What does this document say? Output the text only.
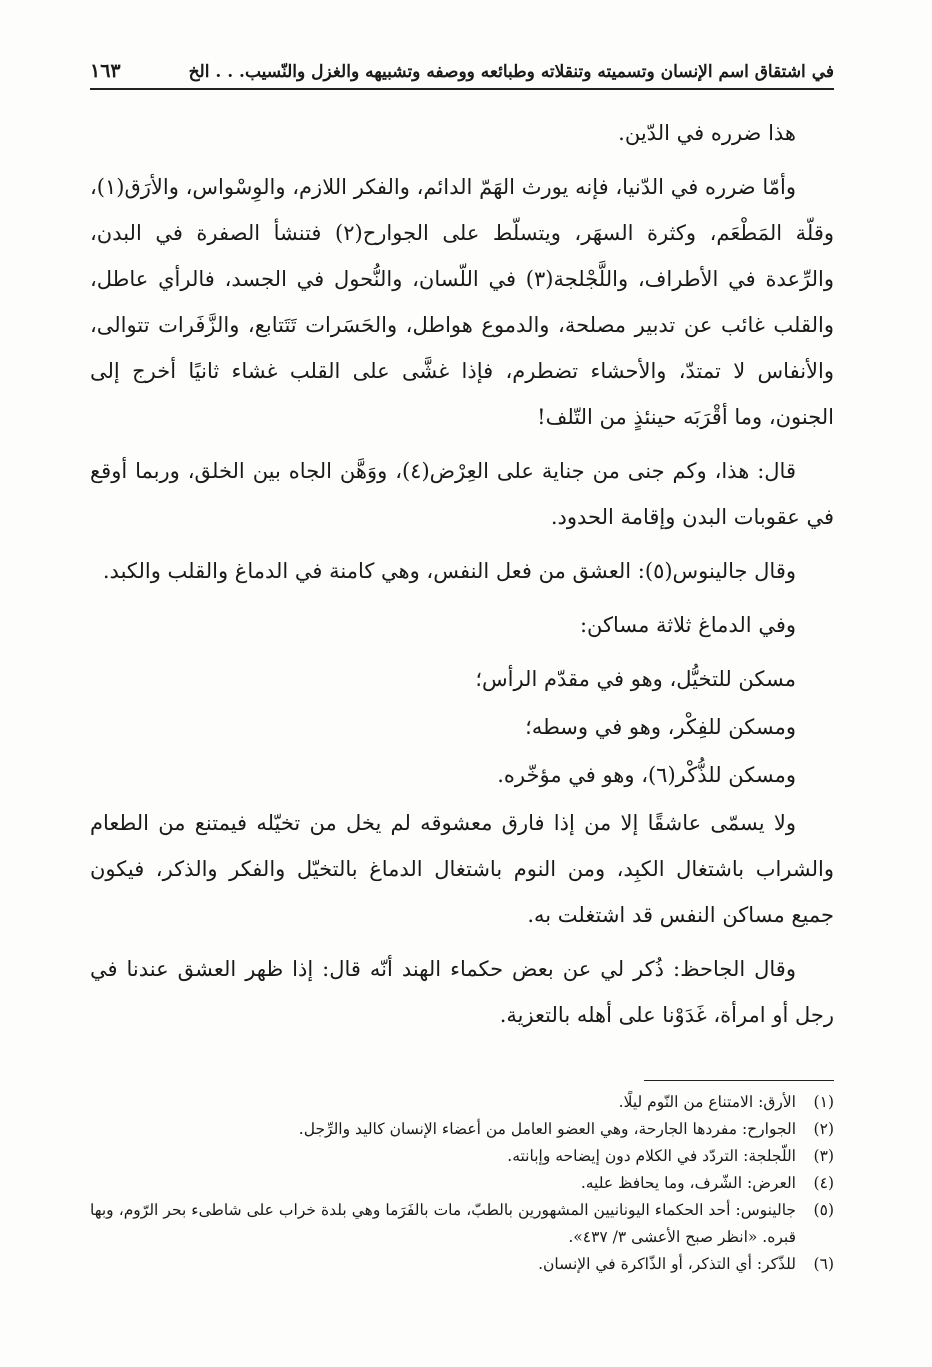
في اشتقاق اسم الإنسان وتسميته وتنقلاته وطبائعه ووصفه وتشبيهه والغزل والنّسيب. . . الخ
١٦٣

هذا ضرره في الدّين.

وأمّا ضرره في الدّنيا، فإنه يورث الهَمّ الدائم، والفكر اللازم، والوِسْواس، والأرَق(١)، وقلّة المَطْعَم، وكثرة السهَر، ويتسلّط على الجوارح(٢) فتنشأ الصفرة في البدن، والرِّعدة في الأطراف، واللَّجْلجة(٣) في اللّسان، والنُّحول في الجسد، فالرأي عاطل، والقلب غائب عن تدبير مصلحة، والدموع هواطل، والحَسَرات تَتَتابع، والزَّفَرات تتوالى، والأنفاس لا تمتدّ، والأحشاء تضطرم، فإذا غشَّى على القلب غشاء ثانيًا أخرج إلى الجنون، وما أقْرَبَه حينئذٍ من التّلف!

قال: هذا، وكم جنى من جناية على العِرْض(٤)، ووَهَّن الجاه بين الخلق، وربما أوقع في عقوبات البدن وإقامة الحدود.

وقال جالينوس(٥): العشق من فعل النفس، وهي كامنة في الدماغ والقلب والكبد.

وفي الدماغ ثلاثة مساكن:

مسكن للتخيُّل، وهو في مقدّم الرأس؛

ومسكن للفِكْر، وهو في وسطه؛

ومسكن للذُّكْر(٦)، وهو في مؤخّره.

ولا يسمّى عاشقًا إلا من إذا فارق معشوقه لم يخل من تخيّله فيمتنع من الطعام والشراب باشتغال الكبِد، ومن النوم باشتغال الدماغ بالتخيّل والفكر والذكر، فيكون جميع مساكن النفس قد اشتغلت به.

وقال الجاحظ: ذُكر لي عن بعض حكماء الهند أنّه قال: إذا ظهر العشق عندنا في رجل أو امرأة، غَدَوْنا على أهله بالتعزية.

(١)
الأرق: الامتناع من النّوم ليلًا.
(٢)
الجوارح: مفردها الجارحة، وهي العضو العامل من أعضاء الإنسان كاليد والرِّجل.
(٣)
اللّجلجة: التردّد في الكلام دون إيضاحه وإبانته.
(٤)
العرض: الشّرف، وما يحافظ عليه.
(٥)
جالينوس: أحد الحكماء اليونانيين المشهورين بالطبّ، مات بالفَرَما وهي بلدة خراب على شاطىء بحر الرّوم، وبها قبره. «انظر صبح الأعشى ٣/ ٤٣٧».
(٦)
للذّكر: أي التذكر، أو الذّاكرة في الإنسان.
